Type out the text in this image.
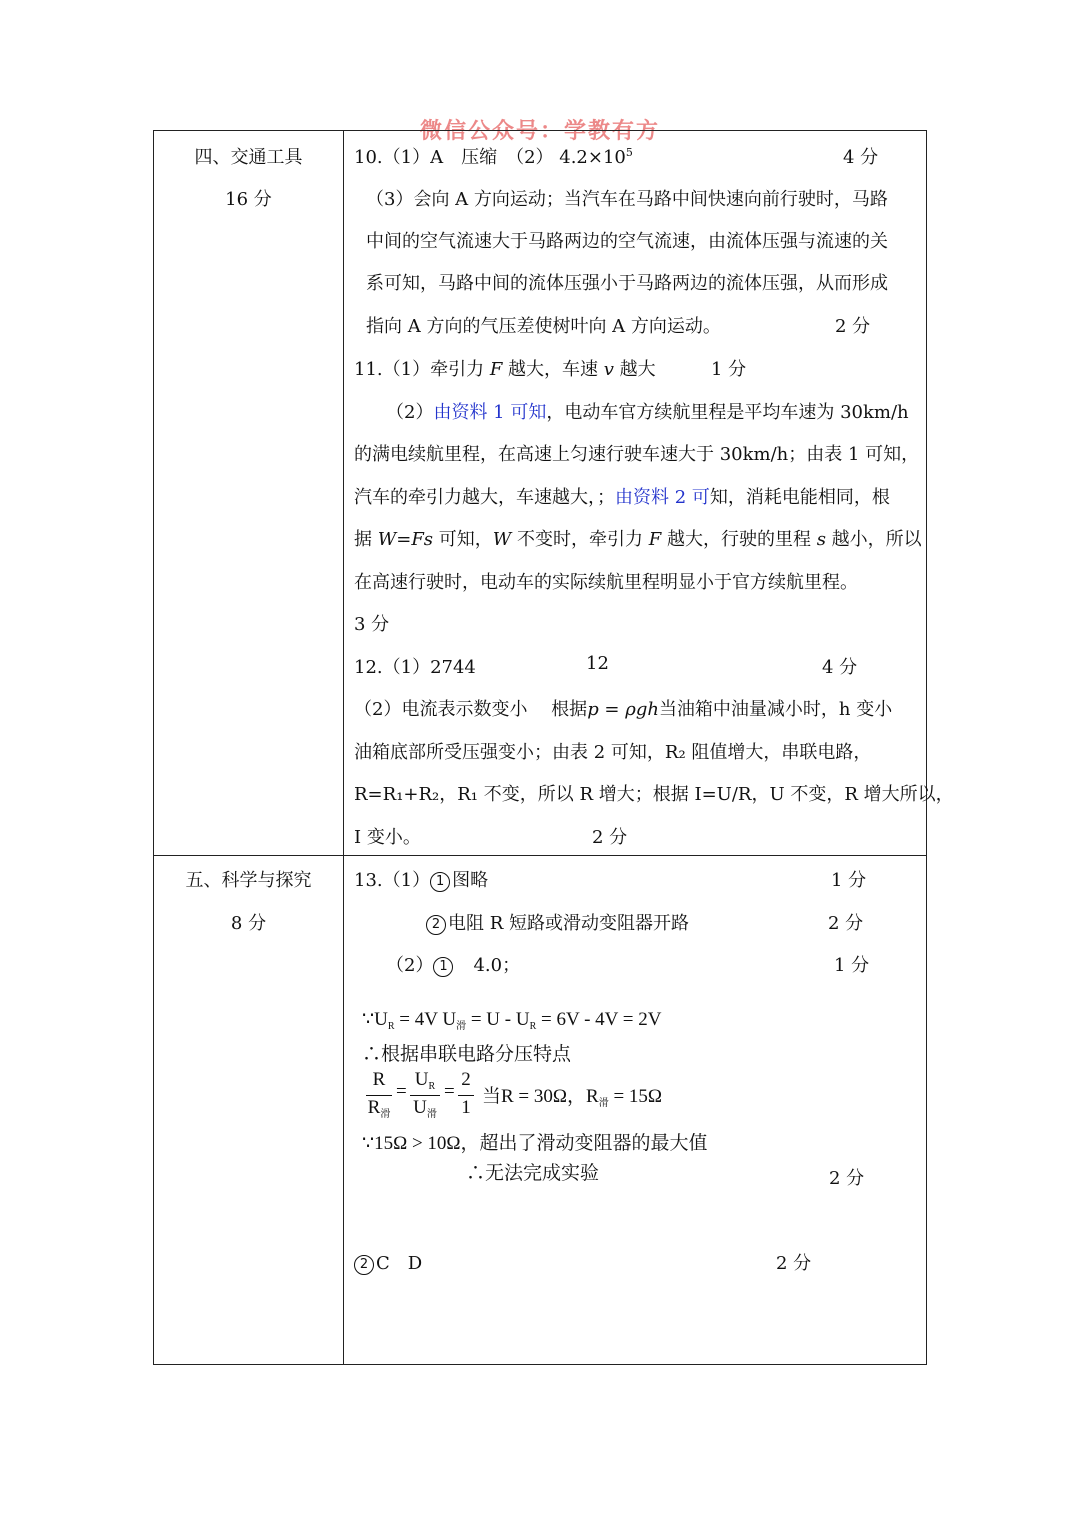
微信公众号：学教有方
四、交通工具
16 分
10.（1）A　压缩　（2） $4.2\times 10^5$	4 分
（3）会向 A 方向运动；当汽车在马路中间快速向前行驶时，马路
中间的空气流速大于马路两边的空气流速，由流体压强与流速的关
系可知，马路中间的流体压强小于马路两边的流体压强，从而形成
指向 A 方向的气压差使树叶向 A 方向运动。	2 分
11.（1）牵引力 F 越大，车速 v 越大	1 分
（2）由资料 1 可知，电动车官方续航里程是平均车速为 30km/h
的满电续航里程，在高速上匀速行驶车速大于 30km/h；由表 1 可知，
汽车的牵引力越大，车速越大，；由资料 2 可知，消耗电能相同，根
据 W=Fs 可知，W 不变时，牵引力 F 越大，行驶的里程 s 越小，所以
在高速行驶时，电动车的实际续航里程明显小于官方续航里程。
3 分
12.（1）2744	12	4 分
（2）电流表示数变小　 根据p = ρgh当油箱中油量减小时，h 变小
油箱底部所受压强变小；由表 2 可知，R₂ 阻值增大，串联电路，
R=R₁+R₂，R₁ 不变，所以 R 增大；根据 I=U/R，U 不变，R 增大所以，
I 变小。	2 分
五、科学与探究
8 分
13.（1） 1 图略	1 分
2 电阻 R 短路或滑动变阻器开路	2 分
（2） 1　4.0；	1 分
$\because U_R = 4V$ $U_滑 = U - U_R = 6V - 4V = 2V$
∴根据串联电路分压特点
R
$R_滑$
=
$U_R$
$U_滑$
=
2
1
当R = 30Ω，$R_滑 = 15\Omega$
∵15Ω > 10Ω，超出了滑动变阻器的最大值
∴无法完成实验	2 分
2 C　D	2 分
